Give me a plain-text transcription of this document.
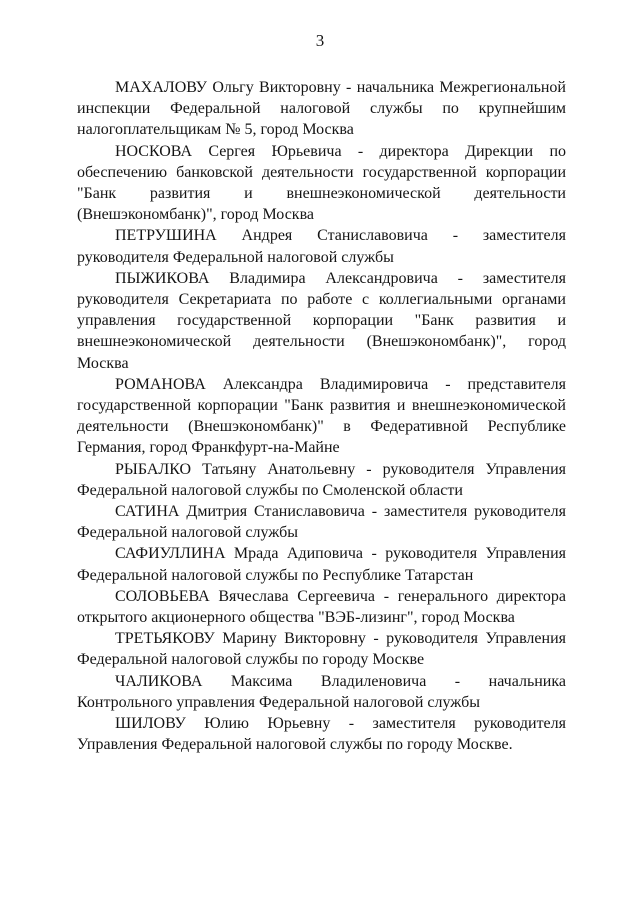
3

МАХАЛОВУ Ольгу Викторовну - начальника Межрегиональной инспекции Федеральной налоговой службы по крупнейшим налогоплательщикам № 5, город Москва

НОСКОВА Сергея Юрьевича - директора Дирекции по обеспечению банковской деятельности государственной корпорации "Банк развития и внешнеэкономической деятельности (Внешэкономбанк)", город Москва

ПЕТРУШИНА Андрея Станиславовича - заместителя руководителя Федеральной налоговой службы

ПЫЖИКОВА Владимира Александровича - заместителя руководителя Секретариата по работе с коллегиальными органами управления государственной корпорации "Банк развития и внешнеэкономической деятельности (Внешэкономбанк)", город Москва

РОМАНОВА Александра Владимировича - представителя государственной корпорации "Банк развития и внешнеэкономической деятельности (Внешэкономбанк)" в Федеративной Республике Германия, город Франкфурт-на-Майне

РЫБАЛКО Татьяну Анатольевну - руководителя Управления Федеральной налоговой службы по Смоленской области

САТИНА Дмитрия Станиславовича - заместителя руководителя Федеральной налоговой службы

САФИУЛЛИНА Мрада Адиповича - руководителя Управления Федеральной налоговой службы по Республике Татарстан

СОЛОВЬЕВА Вячеслава Сергеевича - генерального директора открытого акционерного общества "ВЭБ-лизинг", город Москва

ТРЕТЬЯКОВУ Марину Викторовну - руководителя Управления Федеральной налоговой службы по городу Москве

ЧАЛИКОВА Максима Владиленовича - начальника Контрольного управления Федеральной налоговой службы

ШИЛОВУ Юлию Юрьевну - заместителя руководителя Управления Федеральной налоговой службы по городу Москве.
